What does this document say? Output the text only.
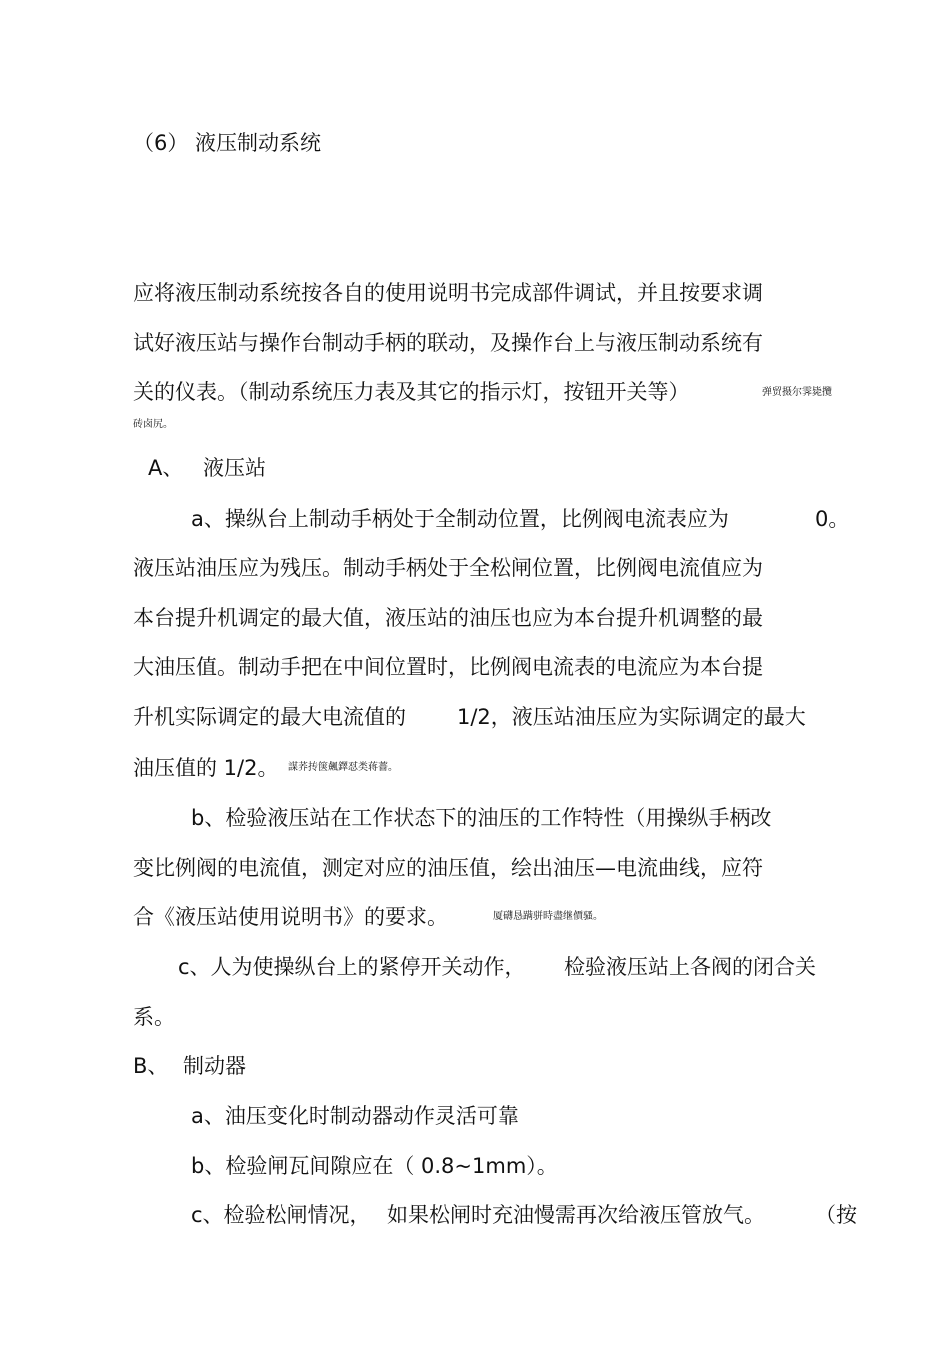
（6） 液压制动系统
应将液压制动系统按各自的使用说明书完成部件调试，并且按要求调
试好液压站与操作台制动手柄的联动，及操作台上与液压制动系统有
关的仪表。（制动系统压力表及其它的指示灯，按钮开关等）	弹贸摄尔霁毙攬
砖卤尻。
A、 液压站
a、操纵台上制动手柄处于全制动位置，比例阀电流表应为	0。
液压站油压应为残压。制动手柄处于全松闸位置，比例阀电流值应为
本台提升机调定的最大值，液压站的油压也应为本台提升机调整的最
大油压值。制动手把在中间位置时，比例阀电流表的电流应为本台提
升机实际调定的最大电流值的 1/2，液压站油压应为实际调定的最大
油压值的 1/2。 謀荞抟箧飆鐸怼类蒋薔。
b、检验液压站在工作状态下的油压的工作特性（用操纵手柄改
变比例阀的电流值，测定对应的油压值，绘出油压—电流曲线，应符
合《液压站使用说明书》的要求。	厦礴恳蹒骈時盡继價骚。
c、人为使操纵台上的紧停开关动作， 检验液压站上各阀的闭合关
系。
B、 制动器
a、油压变化时制动器动作灵活可靠
b、检验闸瓦间隙应在（ 0.8~1mm）。
c、检验松闸情况， 如果松闸时充油慢需再次给液压管放气。 （按
